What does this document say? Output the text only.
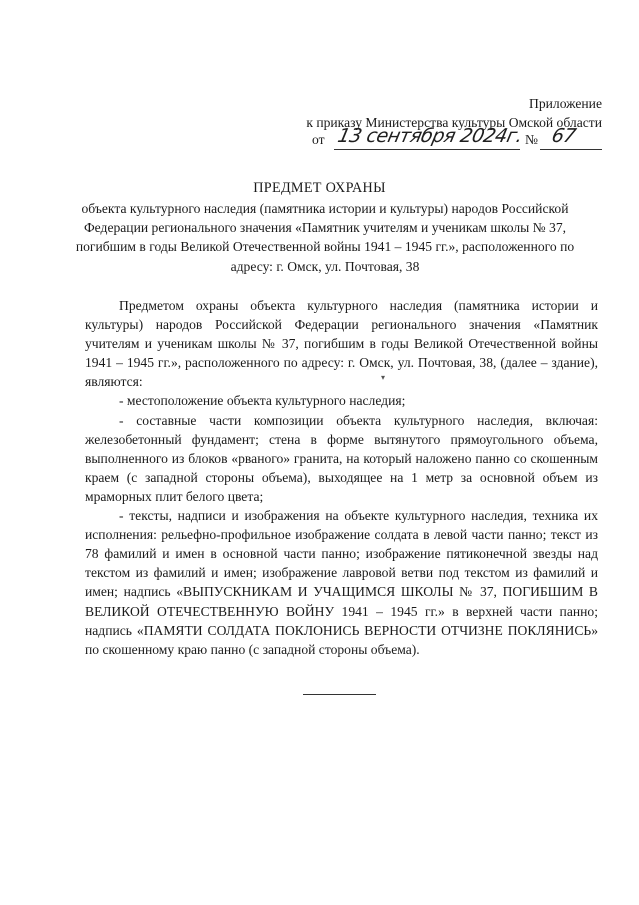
Приложение
к приказу Министерства культуры Омской области
от 13 сентября 2024г. № 67
ПРЕДМЕТ ОХРАНЫ
объекта культурного наследия (памятника истории и культуры) народов Российской Федерации регионального значения «Памятник учителям и ученикам школы № 37, погибшим в годы Великой Отечественной войны 1941 – 1945 гг.», расположенного по адресу: г. Омск, ул. Почтовая, 38

Предметом охраны объекта культурного наследия (памятника истории и культуры) народов Российской Федерации регионального значения «Памятник учителям и ученикам школы № 37, погибшим в годы Великой Отечественной войны 1941 – 1945 гг.», расположенного по адресу: г. Омск, ул. Почтовая, 38, (далее – здание), являются:

- местоположение объекта культурного наследия;

- составные части композиции объекта культурного наследия, включая: железобетонный фундамент; стена в форме вытянутого прямоугольного объема, выполненного из блоков «рваного» гранита, на который наложено панно со скошенным краем (с западной стороны объема), выходящее на 1 метр за основной объем из мраморных плит белого цвета;

- тексты, надписи и изображения на объекте культурного наследия, техника их исполнения: рельефно-профильное изображение солдата в левой части панно; текст из 78 фамилий и имен в основной части панно; изображение пятиконечной звезды над текстом из фамилий и имен; изображение лавровой ветви под текстом из фамилий и имен; надпись «ВЫПУСКНИКАМ И УЧАЩИМСЯ ШКОЛЫ № 37, ПОГИБШИМ В ВЕЛИКОЙ ОТЕЧЕСТВЕННУЮ ВОЙНУ 1941 – 1945 гг.» в верхней части панно; надпись «ПАМЯТИ СОЛДАТА ПОКЛОНИСЬ ВЕРНОСТИ ОТЧИЗНЕ ПОКЛЯНИСЬ» по скошенному краю панно (с западной стороны объема).

▾
